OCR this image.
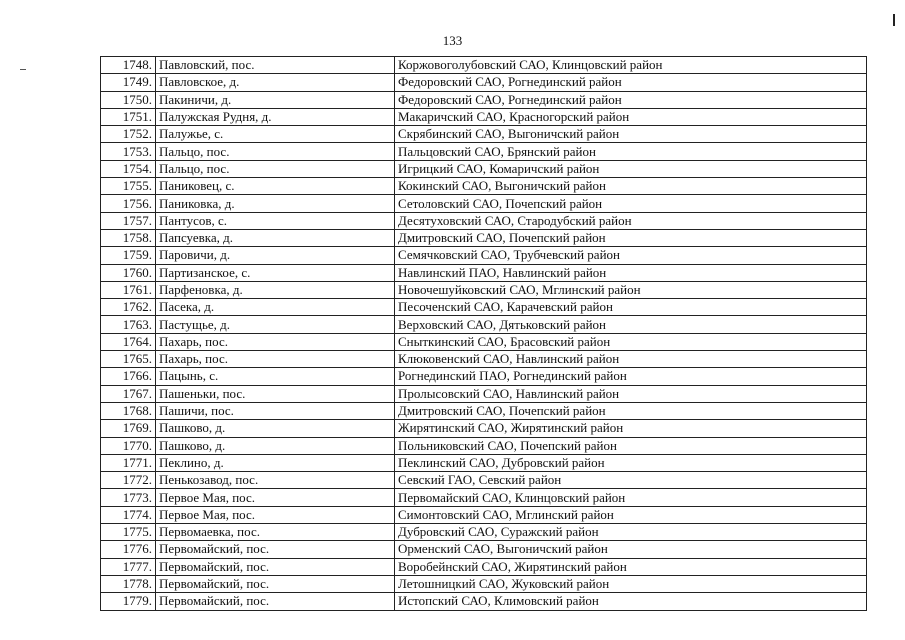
133
1748.	Павловский, пос.	Коржовоголубовский САО, Клинцовский район
1749.	Павловское, д.	Федоровский САО, Рогнединский район
1750.	Пакиничи, д.	Федоровский САО, Рогнединский район
1751.	Палужская Рудня, д.	Макаричский САО, Красногорский район
1752.	Палужье, с.	Скрябинский САО, Выгоничский район
1753.	Пальцо, пос.	Пальцовский САО, Брянский район
1754.	Пальцо, пос.	Игрицкий САО, Комаричский район
1755.	Паниковец, с.	Кокинский САО, Выгоничский район
1756.	Паниковка, д.	Сетоловский САО, Почепский район
1757.	Пантусов, с.	Десятуховский САО, Стародубский район
1758.	Папсуевка, д.	Дмитровский САО, Почепский район
1759.	Паровичи, д.	Семячковский САО, Трубчевский район
1760.	Партизанское, с.	Навлинский ПАО, Навлинский район
1761.	Парфеновка, д.	Новочешуйковский САО, Мглинский район
1762.	Пасека, д.	Песоченский САО, Карачевский район
1763.	Пастущье, д.	Верховский САО, Дятьковский район
1764.	Пахарь, пос.	Сныткинский САО, Брасовский район
1765.	Пахарь, пос.	Клюковенский САО, Навлинский район
1766.	Пацынь, с.	Рогнединский ПАО, Рогнединский район
1767.	Пашеньки, пос.	Пролысовский САО, Навлинский район
1768.	Пашичи, пос.	Дмитровский САО, Почепский район
1769.	Пашково, д.	Жирятинский САО, Жирятинский район
1770.	Пашково, д.	Польниковский САО, Почепский район
1771.	Пеклино, д.	Пеклинский САО, Дубровский район
1772.	Пенькозавод, пос.	Севский ГАО, Севский район
1773.	Первое Мая, пос.	Первомайский САО, Клинцовский район
1774.	Первое Мая, пос.	Симонтовский САО, Мглинский район
1775.	Первомаевка, пос.	Дубровский САО, Суражский район
1776.	Первомайский, пос.	Орменский САО, Выгоничский район
1777.	Первомайский, пос.	Воробейнский САО, Жирятинский район
1778.	Первомайский, пос.	Летошницкий САО, Жуковский район
1779.	Первомайский, пос.	Истопский САО, Климовский район
